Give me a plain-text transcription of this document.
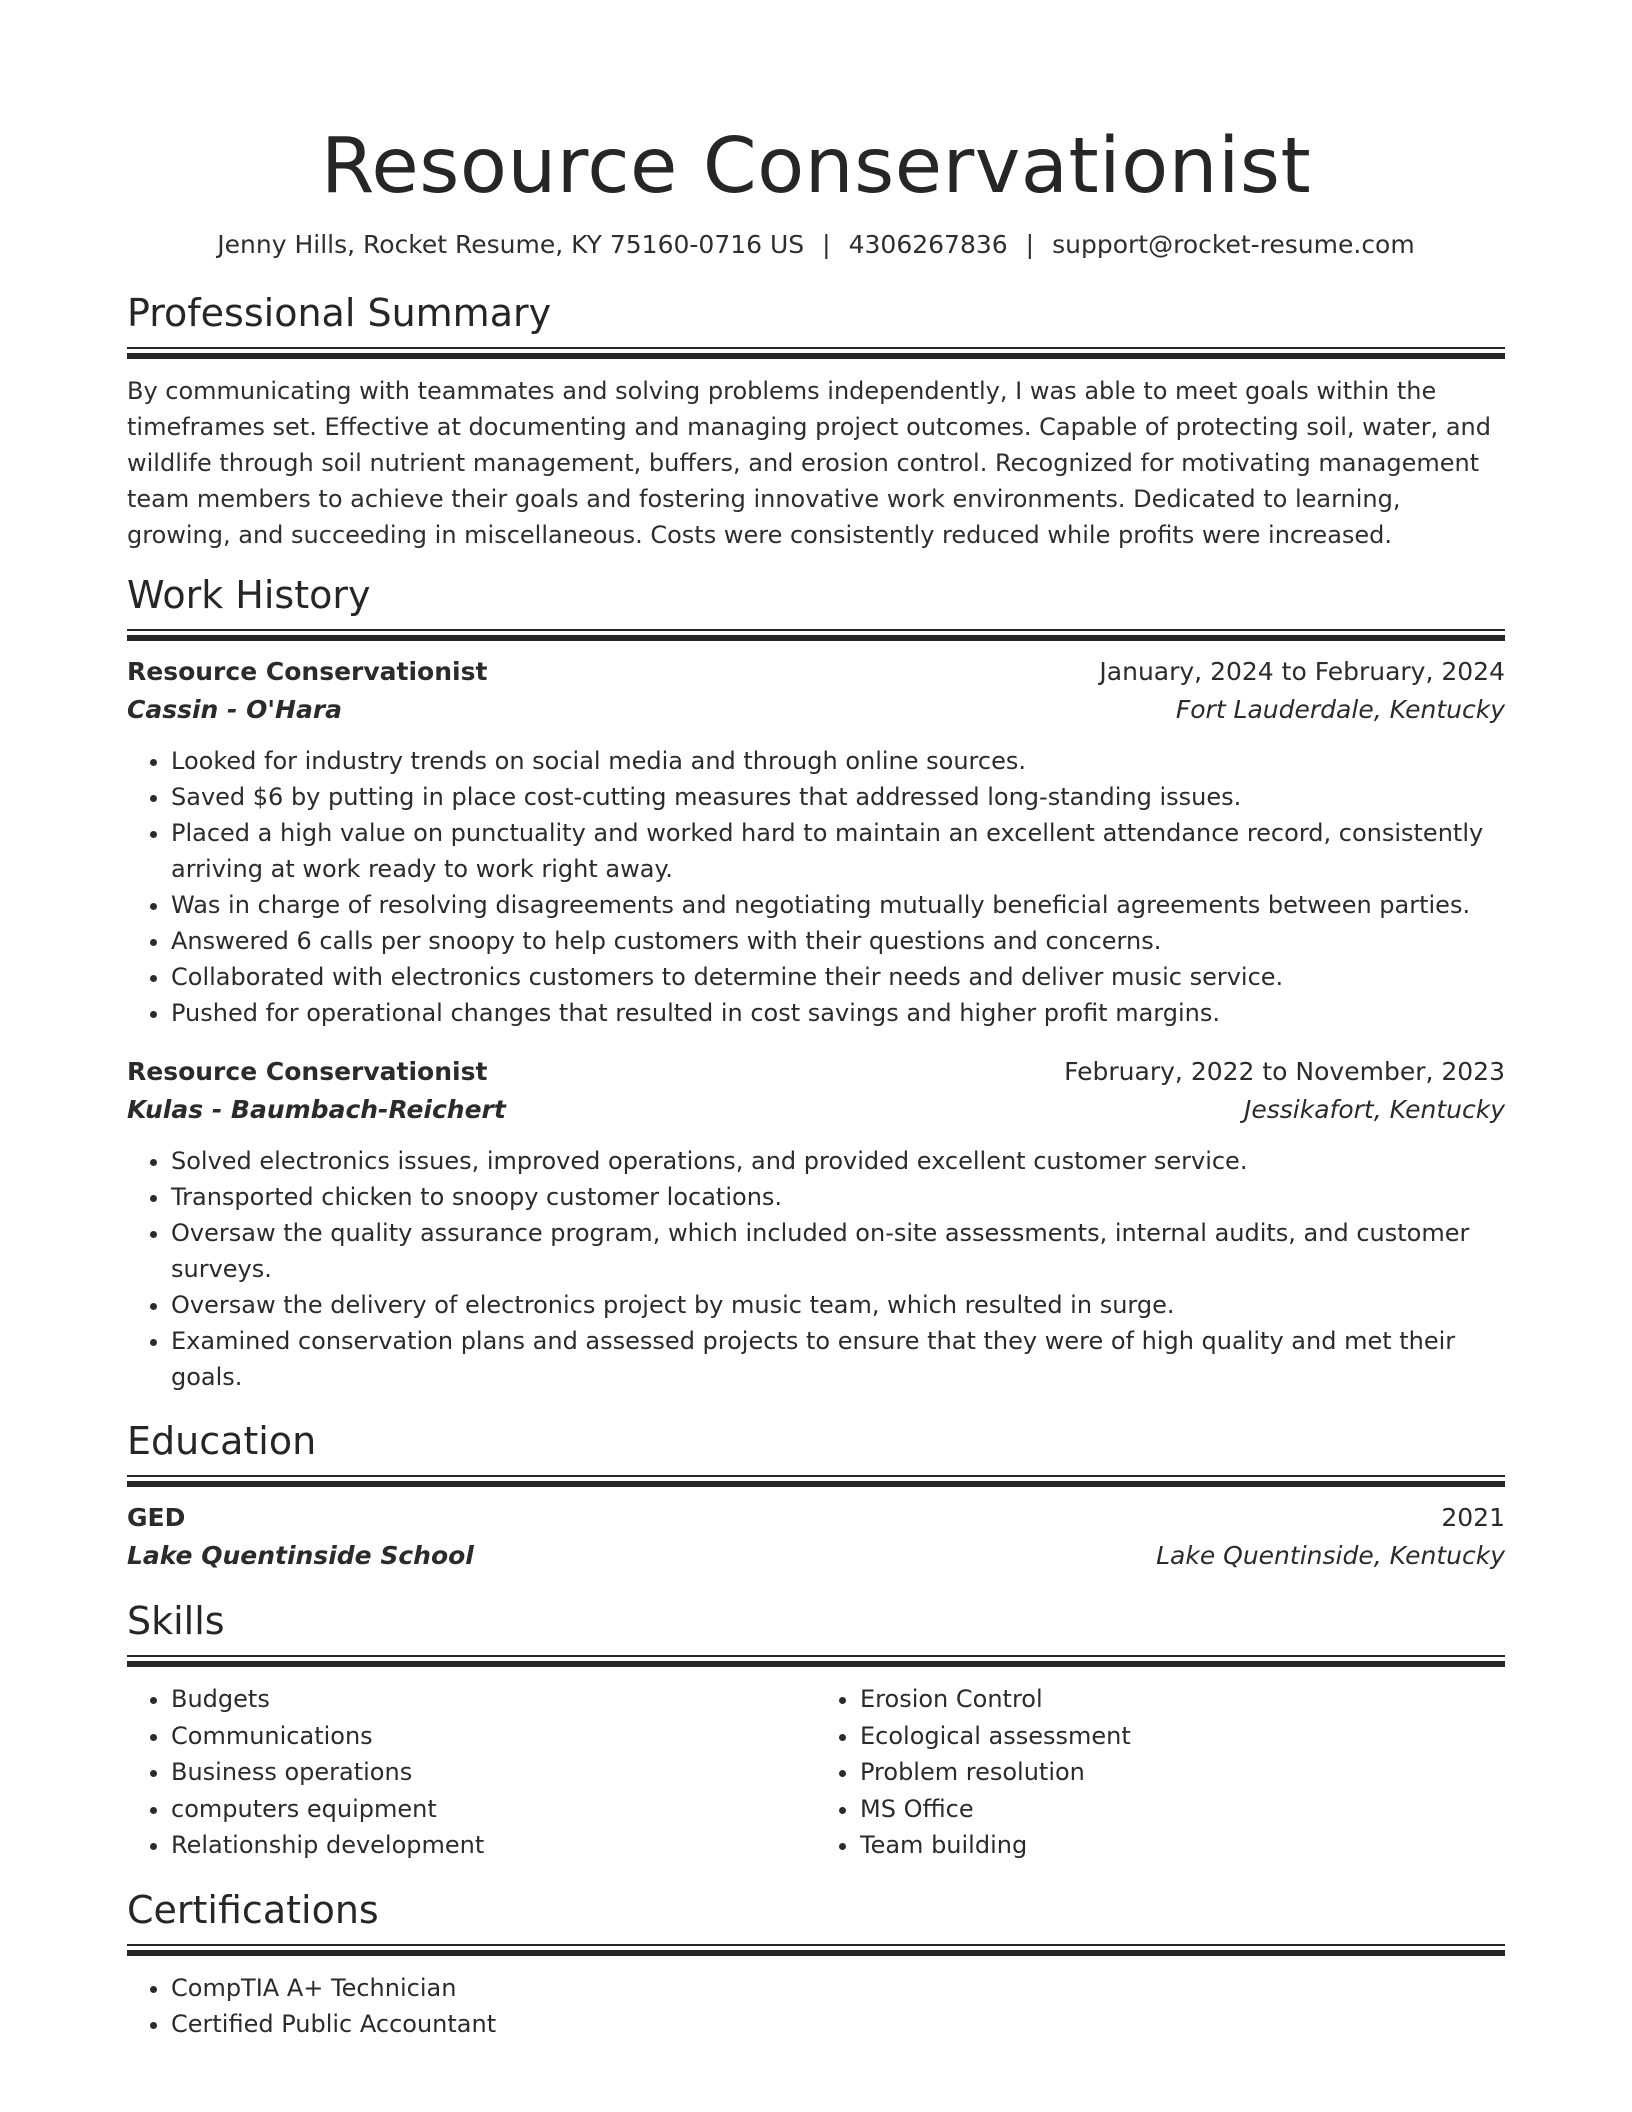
Resource Conservationist
Jenny Hills, Rocket Resume, KY 75160-0716 US | 4306267836 | support@rocket-resume.com
Professional Summary

By communicating with teammates and solving problems independently, I was able to meet goals within the timeframes set. Effective at documenting and managing project outcomes. Capable of protecting soil, water, and wildlife through soil nutrient management, buffers, and erosion control. Recognized for motivating management team members to achieve their goals and fostering innovative work environments. Dedicated to learning, growing, and succeeding in miscellaneous. Costs were consistently reduced while profits were increased.

Work History
Resource Conservationist	January, 2024 to February, 2024
Cassin - O'Hara	Fort Lauderdale, Kentucky
• Looked for industry trends on social media and through online sources.
• Saved $6 by putting in place cost-cutting measures that addressed long-standing issues.
• Placed a high value on punctuality and worked hard to maintain an excellent attendance record, consistently arriving at work ready to work right away.
• Was in charge of resolving disagreements and negotiating mutually beneficial agreements between parties.
• Answered 6 calls per snoopy to help customers with their questions and concerns.
• Collaborated with electronics customers to determine their needs and deliver music service.
• Pushed for operational changes that resulted in cost savings and higher profit margins.
Resource Conservationist	February, 2022 to November, 2023
Kulas - Baumbach-Reichert	Jessikafort, Kentucky
• Solved electronics issues, improved operations, and provided excellent customer service.
• Transported chicken to snoopy customer locations.
• Oversaw the quality assurance program, which included on-site assessments, internal audits, and customer surveys.
• Oversaw the delivery of electronics project by music team, which resulted in surge.
• Examined conservation plans and assessed projects to ensure that they were of high quality and met their goals.
Education
GED	2021
Lake Quentinside School	Lake Quentinside, Kentucky
Skills
• Budgets
• Communications
• Business operations
• computers equipment
• Relationship development
• Erosion Control
• Ecological assessment
• Problem resolution
• MS Office
• Team building
Certifications
• CompTIA A+ Technician
• Certified Public Accountant
